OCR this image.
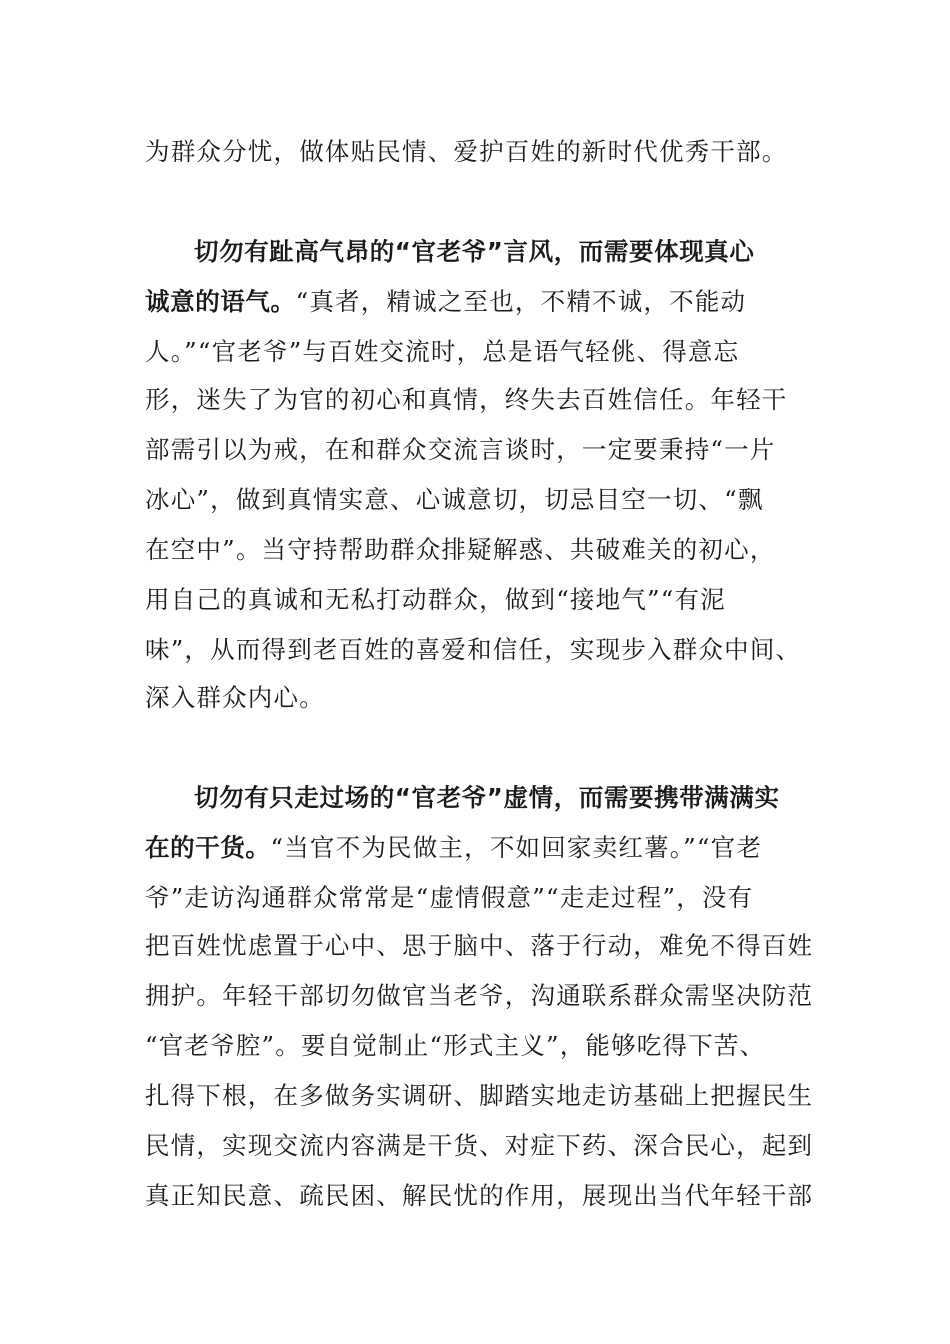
为群众分忧，做体贴民情、爱护百姓的新时代优秀干部。
切勿有趾高气昂的“官老爷”言风，而需要体现真心
诚意的语气。“真者，精诚之至也，不精不诚，不能动
人。”“官老爷”与百姓交流时，总是语气轻佻、得意忘
形，迷失了为官的初心和真情，终失去百姓信任。年轻干
部需引以为戒，在和群众交流言谈时，一定要秉持“一片
冰心”，做到真情实意、心诚意切，切忌目空一切、“飘
在空中”。当守持帮助群众排疑解惑、共破难关的初心，
用自己的真诚和无私打动群众，做到“接地气”“有泥
味”，从而得到老百姓的喜爱和信任，实现步入群众中间、
深入群众内心。
切勿有只走过场的“官老爷”虚情，而需要携带满满实
在的干货。“当官不为民做主，不如回家卖红薯。”“官老
爷”走访沟通群众常常是“虚情假意”“走走过程”，没有
把百姓忧虑置于心中、思于脑中、落于行动，难免不得百姓
拥护。年轻干部切勿做官当老爷，沟通联系群众需坚决防范
“官老爷腔”。要自觉制止“形式主义”，能够吃得下苦、
扎得下根，在多做务实调研、脚踏实地走访基础上把握民生
民情，实现交流内容满是干货、对症下药、深合民心，起到
真正知民意、疏民困、解民忧的作用，展现出当代年轻干部
